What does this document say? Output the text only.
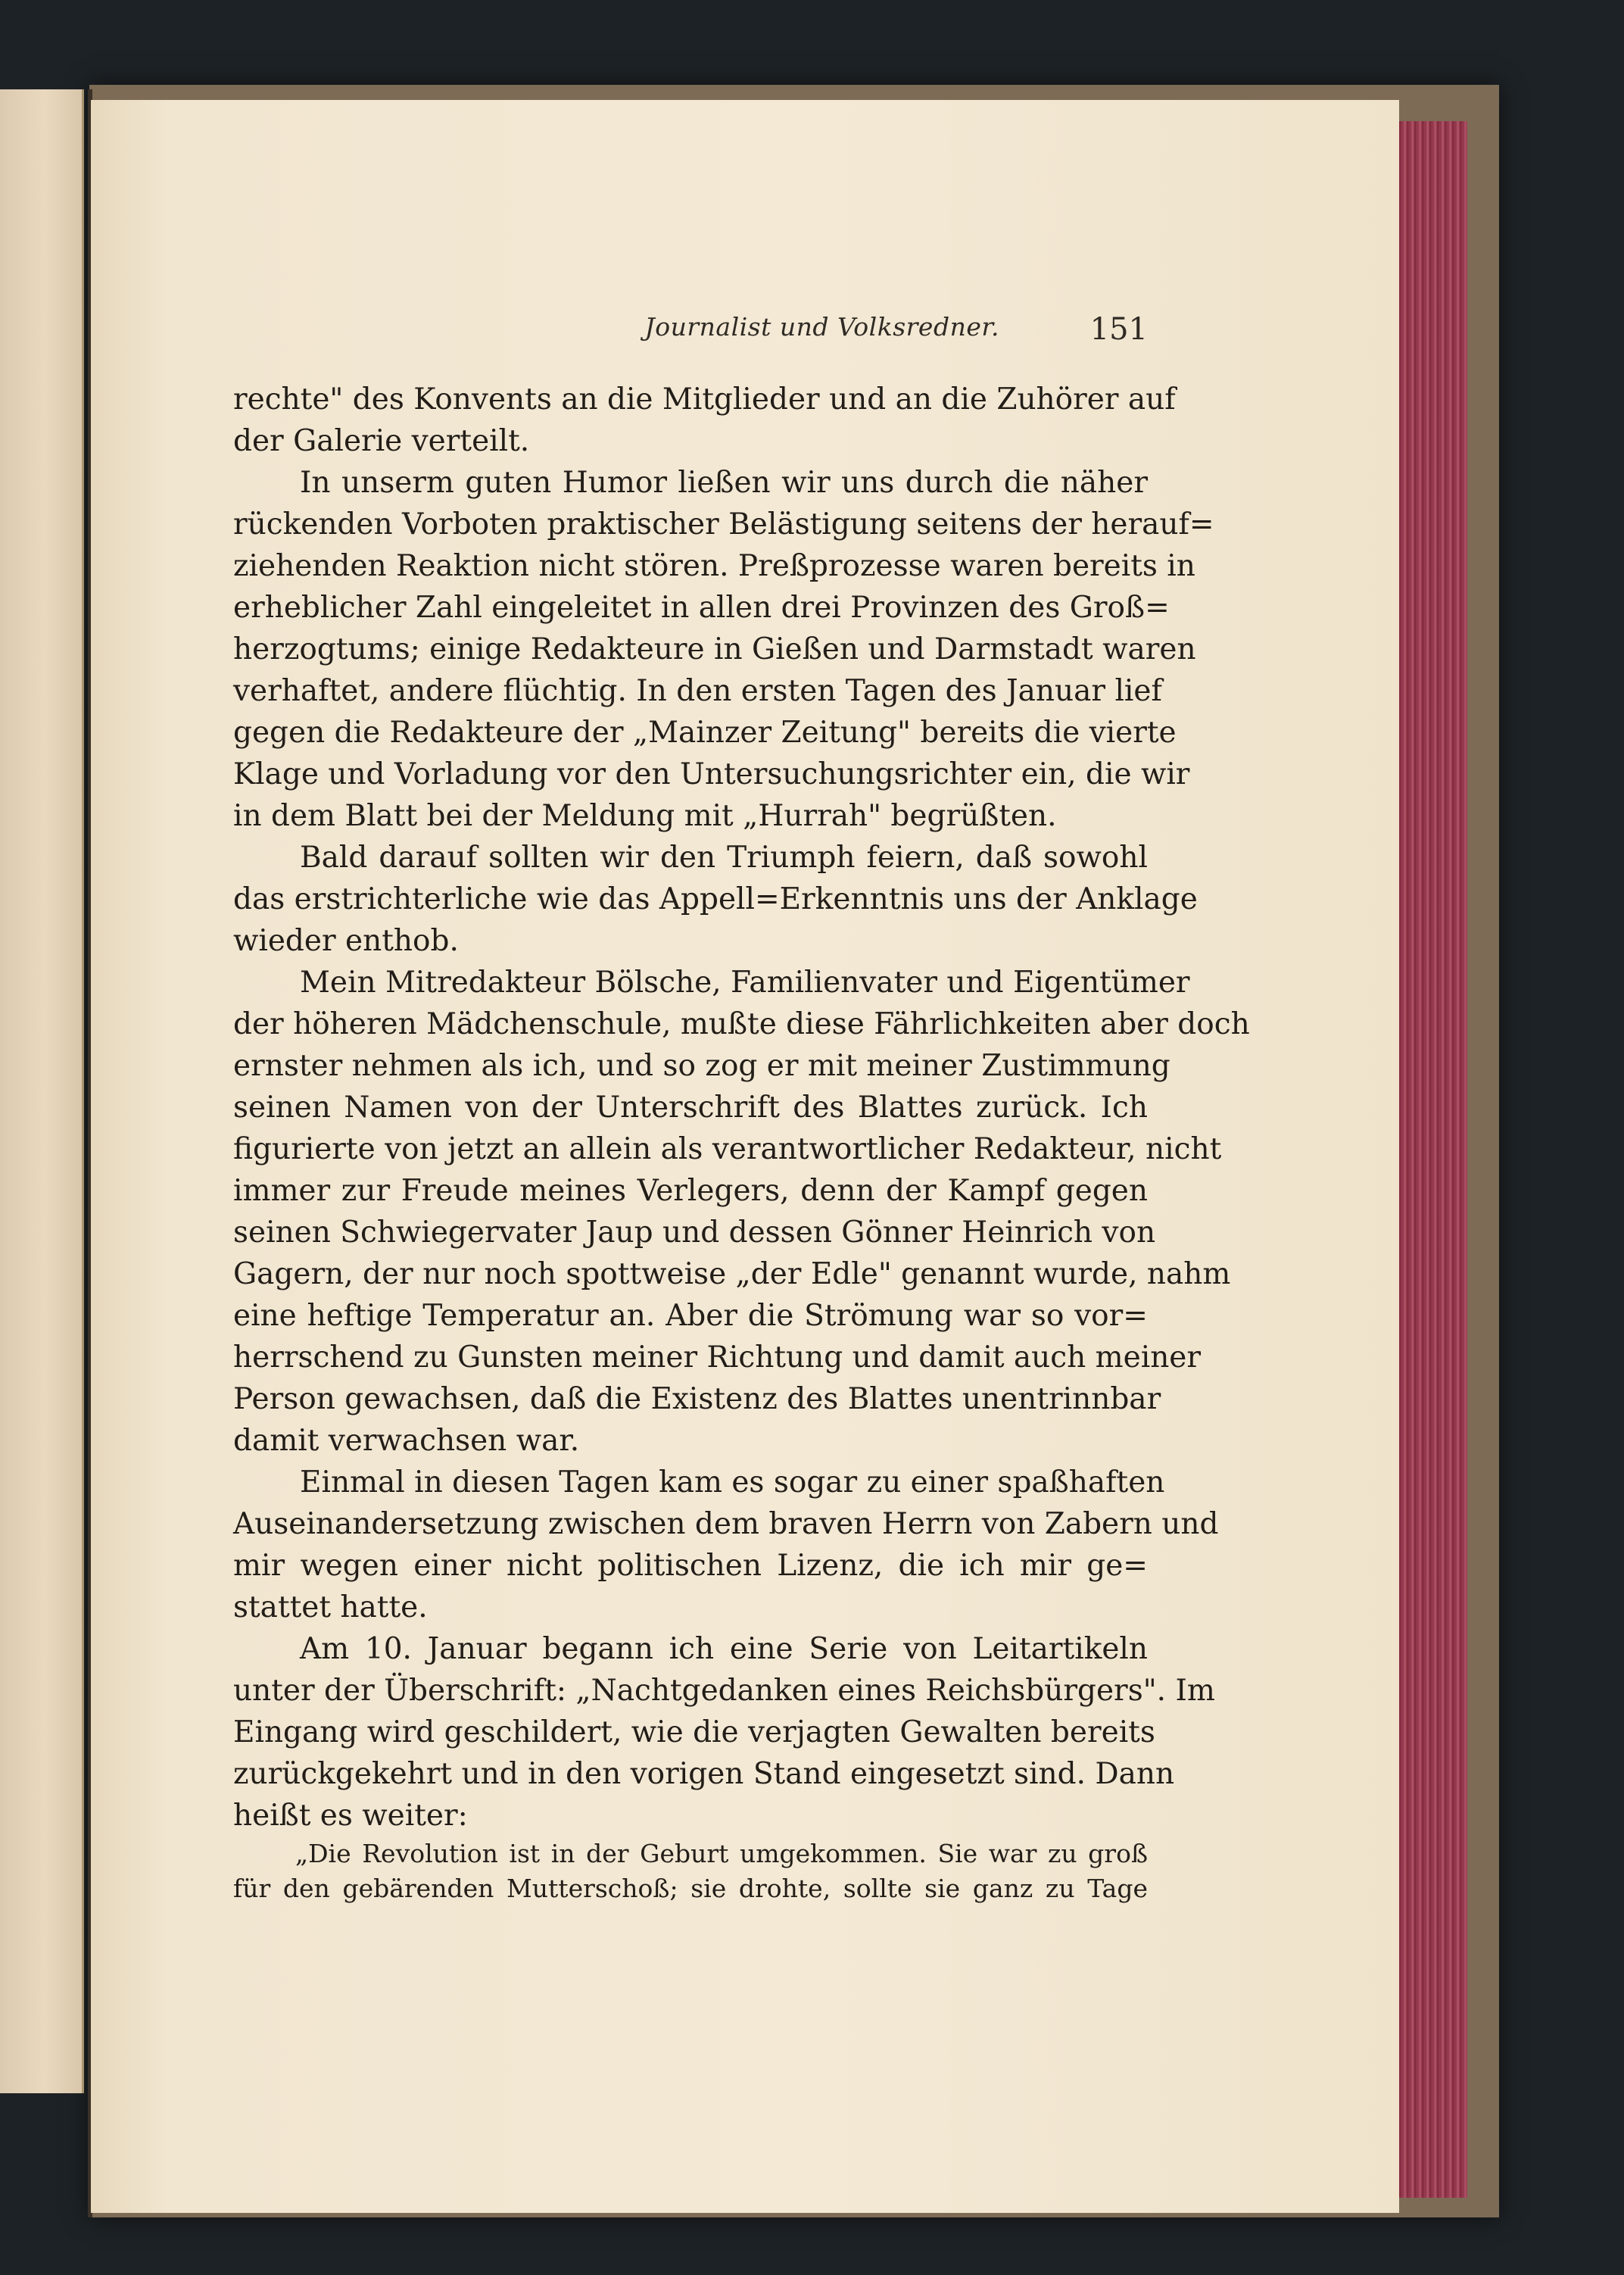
Journalist und Volksredner.	151
rechte" des Konvents an die Mitglieder und an die Zuhörer auf
der Galerie verteilt.
In unserm guten Humor ließen wir uns durch die näher
rückenden Vorboten praktischer Belästigung seitens der herauf=
ziehenden Reaktion nicht stören. Preßprozesse waren bereits in
erheblicher Zahl eingeleitet in allen drei Provinzen des Groß=
herzogtums; einige Redakteure in Gießen und Darmstadt waren
verhaftet, andere flüchtig. In den ersten Tagen des Januar lief
gegen die Redakteure der „Mainzer Zeitung" bereits die vierte
Klage und Vorladung vor den Untersuchungsrichter ein, die wir
in dem Blatt bei der Meldung mit „Hurrah" begrüßten.
Bald darauf sollten wir den Triumph feiern, daß sowohl
das erstrichterliche wie das Appell=Erkenntnis uns der Anklage
wieder enthob.
Mein Mitredakteur Bölsche, Familienvater und Eigentümer
der höheren Mädchenschule, mußte diese Fährlichkeiten aber doch
ernster nehmen als ich, und so zog er mit meiner Zustimmung
seinen Namen von der Unterschrift des Blattes zurück. Ich
figurierte von jetzt an allein als verantwortlicher Redakteur, nicht
immer zur Freude meines Verlegers, denn der Kampf gegen
seinen Schwiegervater Jaup und dessen Gönner Heinrich von
Gagern, der nur noch spottweise „der Edle" genannt wurde, nahm
eine heftige Temperatur an. Aber die Strömung war so vor=
herrschend zu Gunsten meiner Richtung und damit auch meiner
Person gewachsen, daß die Existenz des Blattes unentrinnbar
damit verwachsen war.
Einmal in diesen Tagen kam es sogar zu einer spaßhaften
Auseinandersetzung zwischen dem braven Herrn von Zabern und
mir wegen einer nicht politischen Lizenz, die ich mir ge=
stattet hatte.
Am 10. Januar begann ich eine Serie von Leitartikeln
unter der Überschrift: „Nachtgedanken eines Reichsbürgers". Im
Eingang wird geschildert, wie die verjagten Gewalten bereits
zurückgekehrt und in den vorigen Stand eingesetzt sind. Dann
heißt es weiter:
„Die Revolution ist in der Geburt umgekommen. Sie war zu groß
für den gebärenden Mutterschoß; sie drohte, sollte sie ganz zu Tage
